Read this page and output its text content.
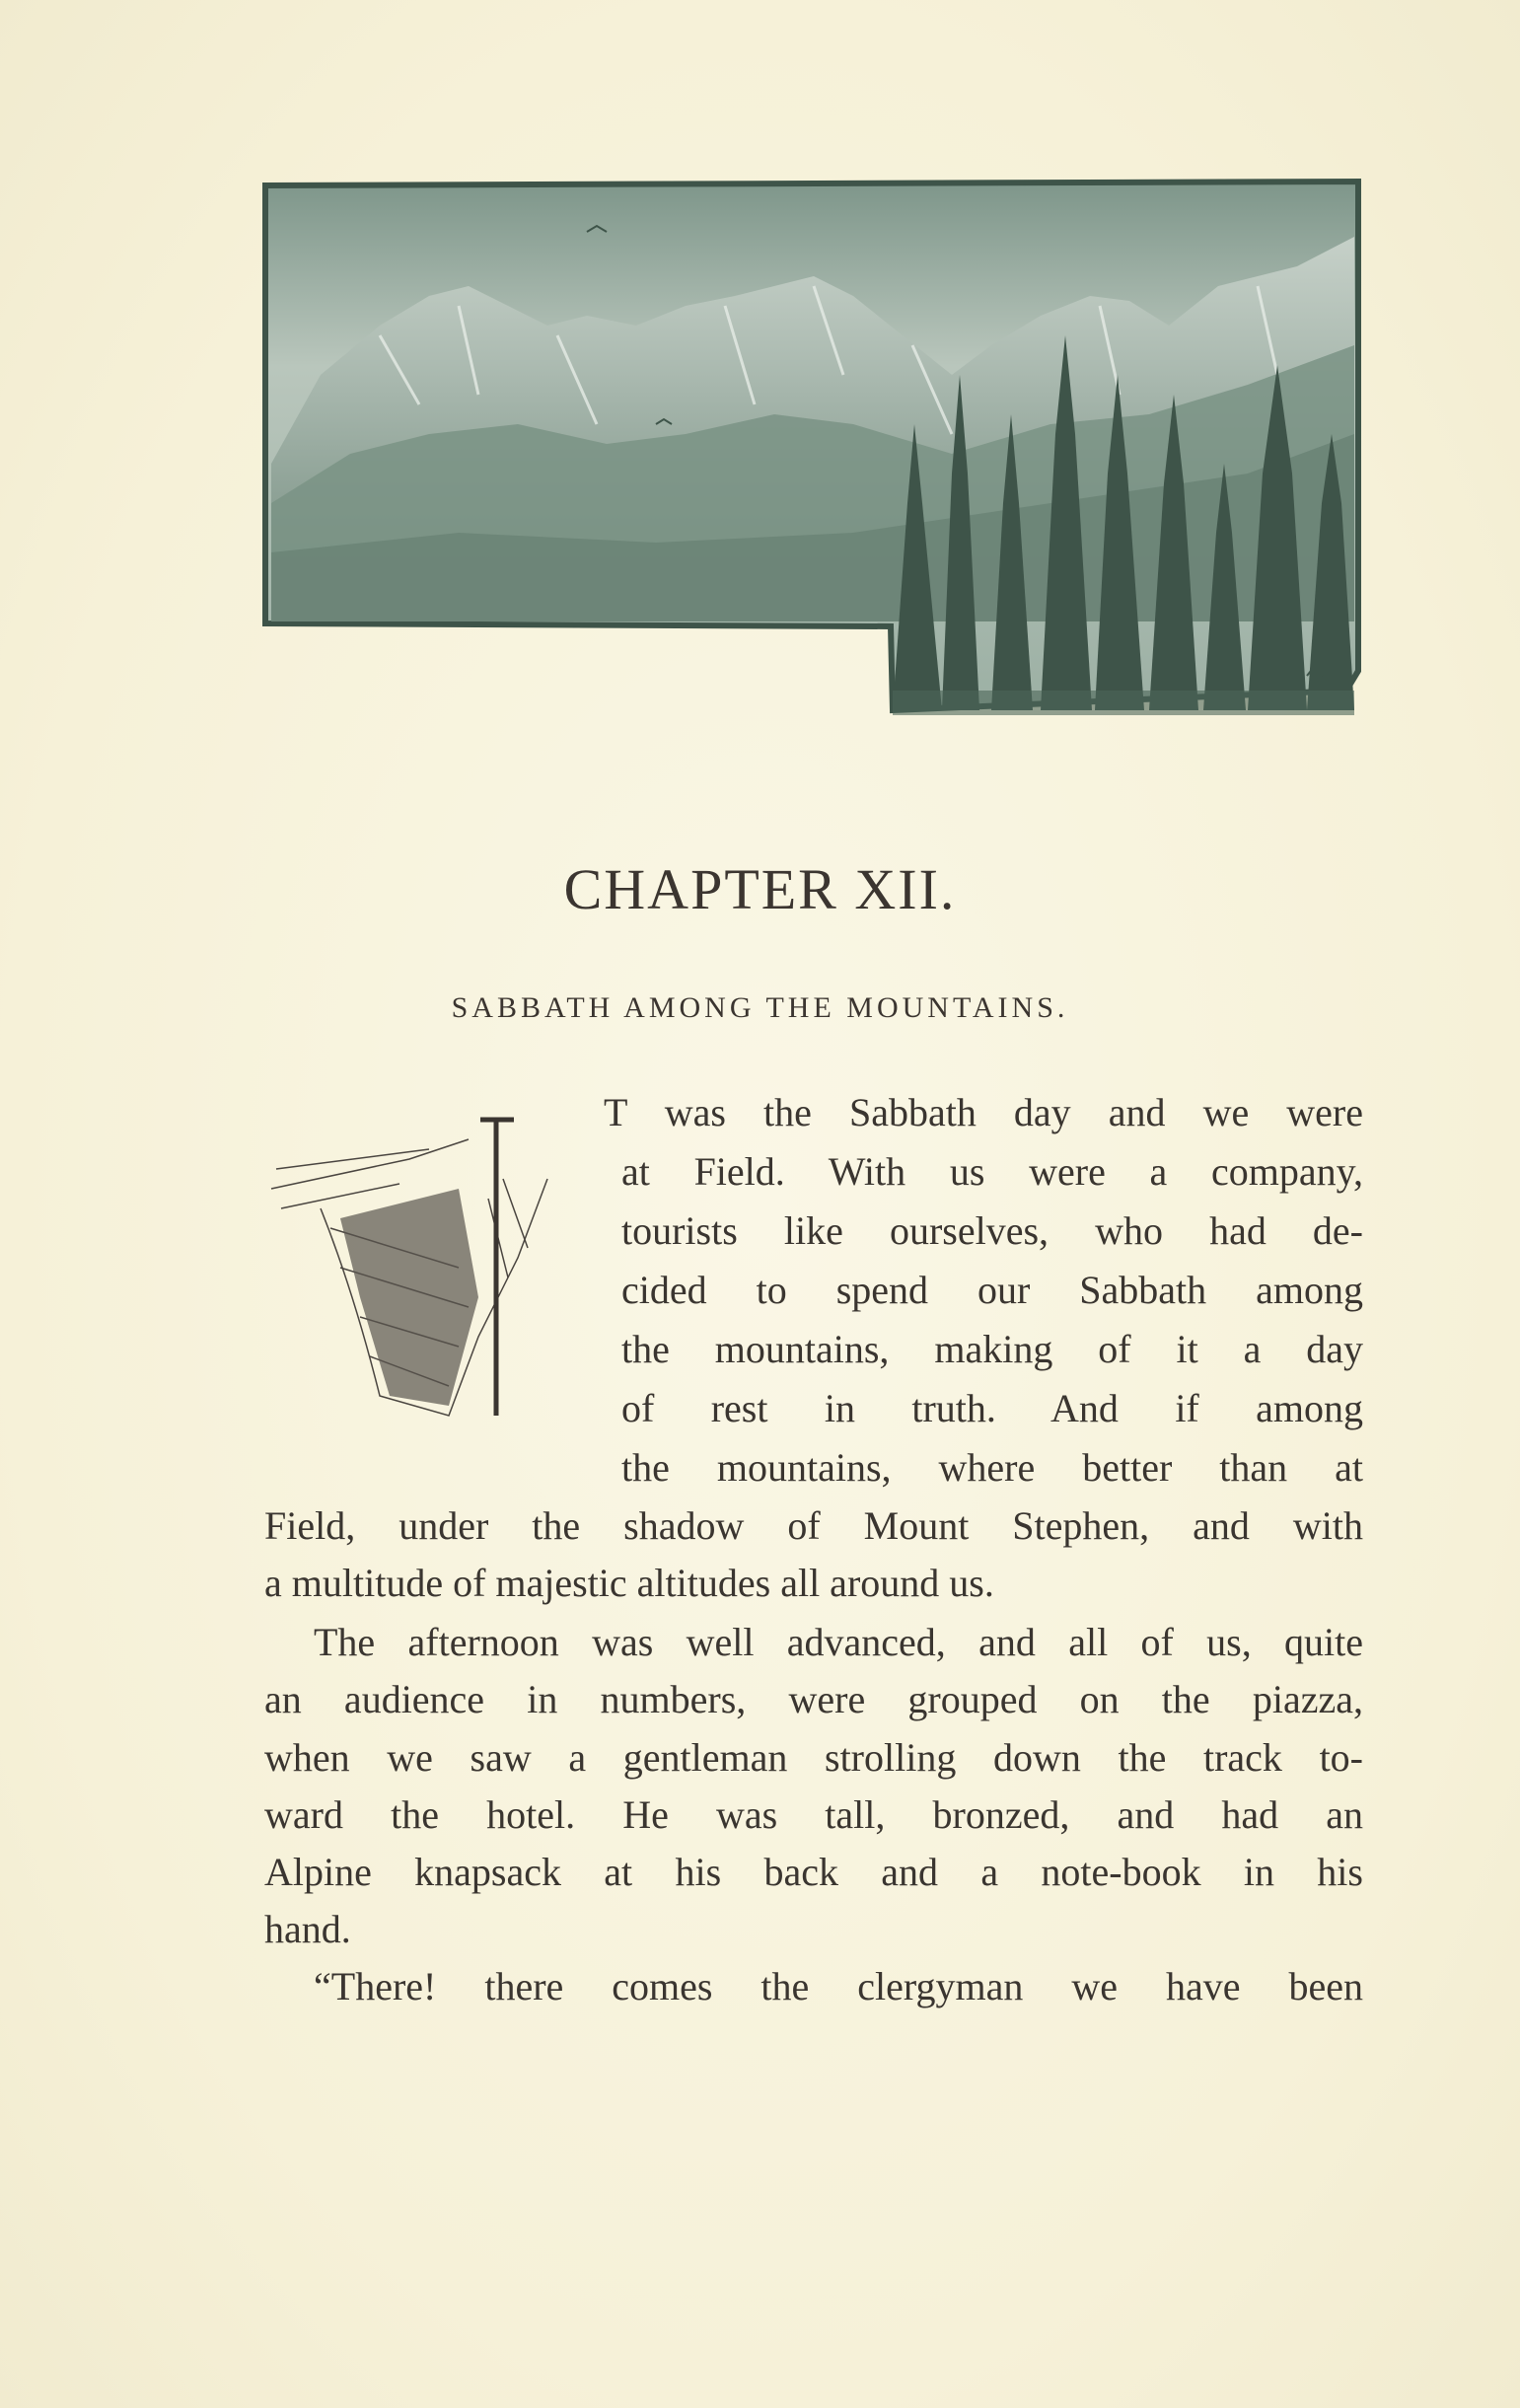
CHAPTER XII.
SABBATH AMONG THE MOUNTAINS.
T was the Sabbath day and we were
at Field. With us were a company,
tourists like ourselves, who had de-
cided to spend our Sabbath among
the mountains, making of it a day
of rest in truth. And if among
the mountains, where better than at
Field, under the shadow of Mount Stephen, and with
a multitude of majestic altitudes all around us.
The afternoon was well advanced, and all of us, quite
an audience in numbers, were grouped on the piazza,
when we saw a gentleman strolling down the track to-
ward the hotel. He was tall, bronzed, and had an
Alpine knapsack at his back and a note-book in his
hand.
“There! there comes the clergyman we have been
